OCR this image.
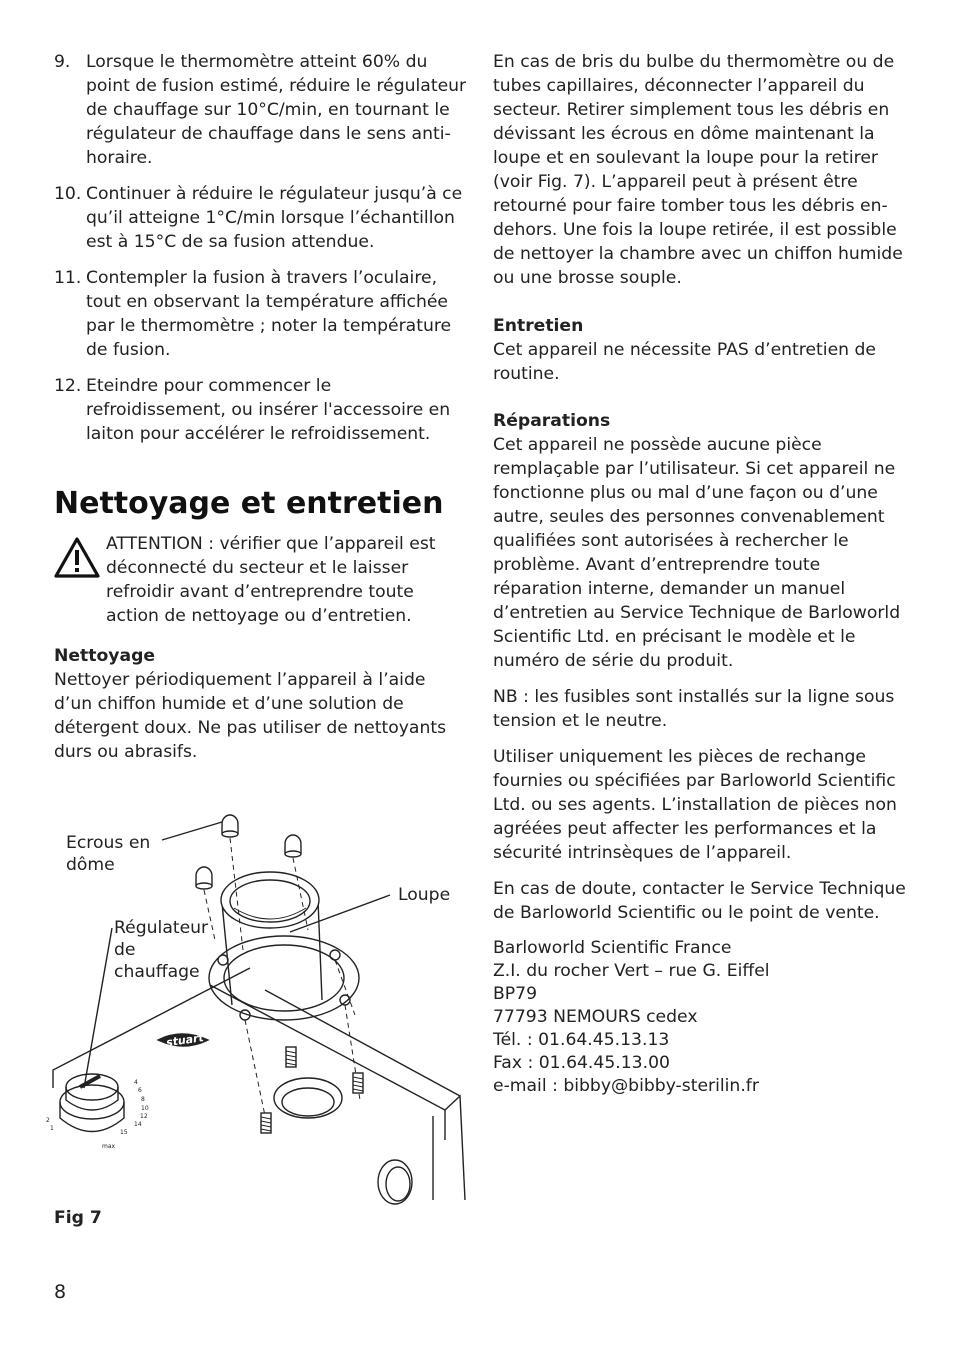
9. Lorsque le thermomètre atteint 60% du point de fusion estimé, réduire le régulateur de chauffage sur 10°C/min, en tournant le régulateur de chauffage dans le sens anti-horaire.
10. Continuer à réduire le régulateur jusqu’à ce qu’il atteigne 1°C/min lorsque l’échantillon est à 15°C de sa fusion attendue.
11. Contempler la fusion à travers l’oculaire, tout en observant la température affichée par le thermomètre ; noter la température de fusion.
12. Eteindre pour commencer le refroidissement, ou insérer l'accessoire en laiton pour accélérer le refroidissement.
Nettoyage et entretien
ATTENTION : vérifier que l’appareil est déconnecté du secteur et le laisser refroidir avant d’entreprendre toute action de nettoyage ou d’entretien.
Nettoyage

Nettoyer périodiquement l’appareil à l’aide d’un chiffon humide et d’une solution de détergent doux. Ne pas utiliser de nettoyants durs ou abrasifs.

stuart
1
2
4
6
8
10
12
14
15
max
Ecrous en dôme
Loupe
Régulateur de chauffage
Fig 7

En cas de bris du bulbe du thermomètre ou de tubes capillaires, déconnecter l’appareil du secteur. Retirer simplement tous les débris en dévissant les écrous en dôme maintenant la loupe et en soulevant la loupe pour la retirer (voir Fig. 7). L’appareil peut à présent être retourné pour faire tomber tous les débris en-dehors. Une fois la loupe retirée, il est possible de nettoyer la chambre avec un chiffon humide ou une brosse souple.

Entretien

Cet appareil ne nécessite PAS d’entretien de routine.

Réparations

Cet appareil ne possède aucune pièce remplaçable par l’utilisateur. Si cet appareil ne fonctionne plus ou mal d’une façon ou d’une autre, seules des personnes convenablement qualifiées sont autorisées à rechercher le problème. Avant d’entreprendre toute réparation interne, demander un manuel d’entretien au Service Technique de Barloworld Scientific Ltd. en précisant le modèle et le numéro de série du produit.

NB : les fusibles sont installés sur la ligne sous tension et le neutre.

Utiliser uniquement les pièces de rechange fournies ou spécifiées par Barloworld Scientific Ltd. ou ses agents. L’installation de pièces non agréées peut affecter les performances et la sécurité intrinsèques de l’appareil.

En cas de doute, contacter le Service Technique de Barloworld Scientific ou le point de vente.

Barloworld Scientific France
Z.I. du rocher Vert – rue G. Eiffel
BP79
77793 NEMOURS cedex
Tél. : 01.64.45.13.13
Fax : 01.64.45.13.00
e-mail : bibby@bibby-sterilin.fr
8
